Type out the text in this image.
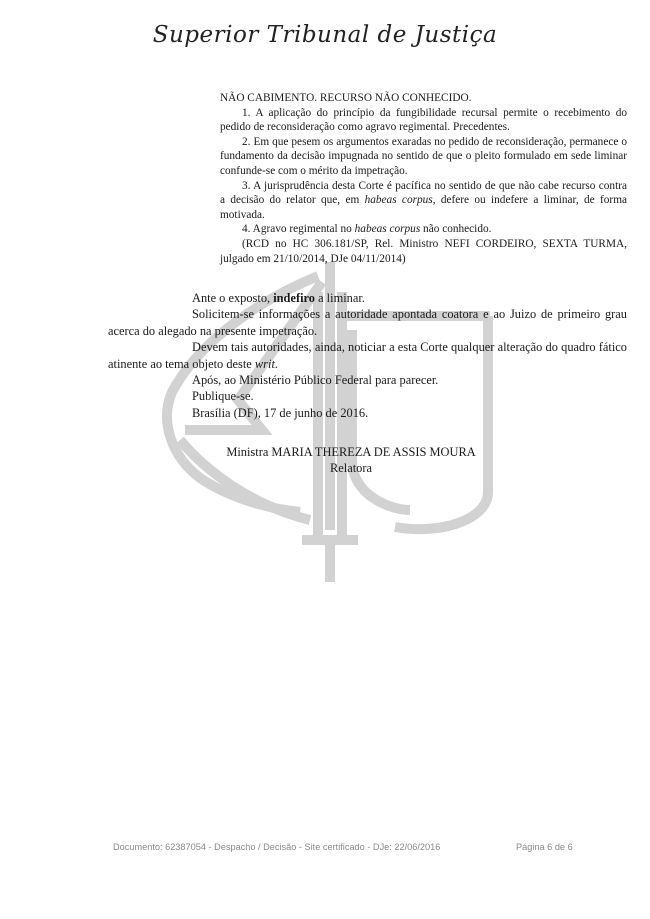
Superior Tribunal de Justiça

NÃO CABIMENTO. RECURSO NÃO CONHECIDO.

1. A aplicação do princípio da fungibilidade recursal permite o recebimento do pedido de reconsideração como agravo regimental. Precedentes.

2. Em que pesem os argumentos exaradas no pedido de reconsideração, permanece o fundamento da decisão impugnada no sentido de que o pleito formulado em sede liminar confunde-se com o mérito da impetração.

3. A jurisprudência desta Corte é pacífica no sentido de que não cabe recurso contra a decisão do relator que, em habeas corpus, defere ou indefere a liminar, de forma motivada.

4. Agravo regimental no habeas corpus não conhecido.

(RCD no HC 306.181/SP, Rel. Ministro NEFI CORDEIRO, SEXTA TURMA, julgado em 21/10/2014, DJe 04/11/2014)

Ante o exposto, indefiro a liminar.

Solicitem-se informações a autoridade apontada coatora e ao Juizo de primeiro grau acerca do alegado na presente impetração.

Devem tais autoridades, ainda, noticiar a esta Corte qualquer alteração do quadro fático atinente ao tema objeto deste writ.

Após, ao Ministério Público Federal para parecer.

Publique-se.

Brasília (DF), 17 de junho de 2016.

Ministra MARIA THEREZA DE ASSIS MOURA
Relatora
Documento: 62387054 - Despacho / Decisão - Site certificado - DJe: 22/06/2016	Página 6 de 6
